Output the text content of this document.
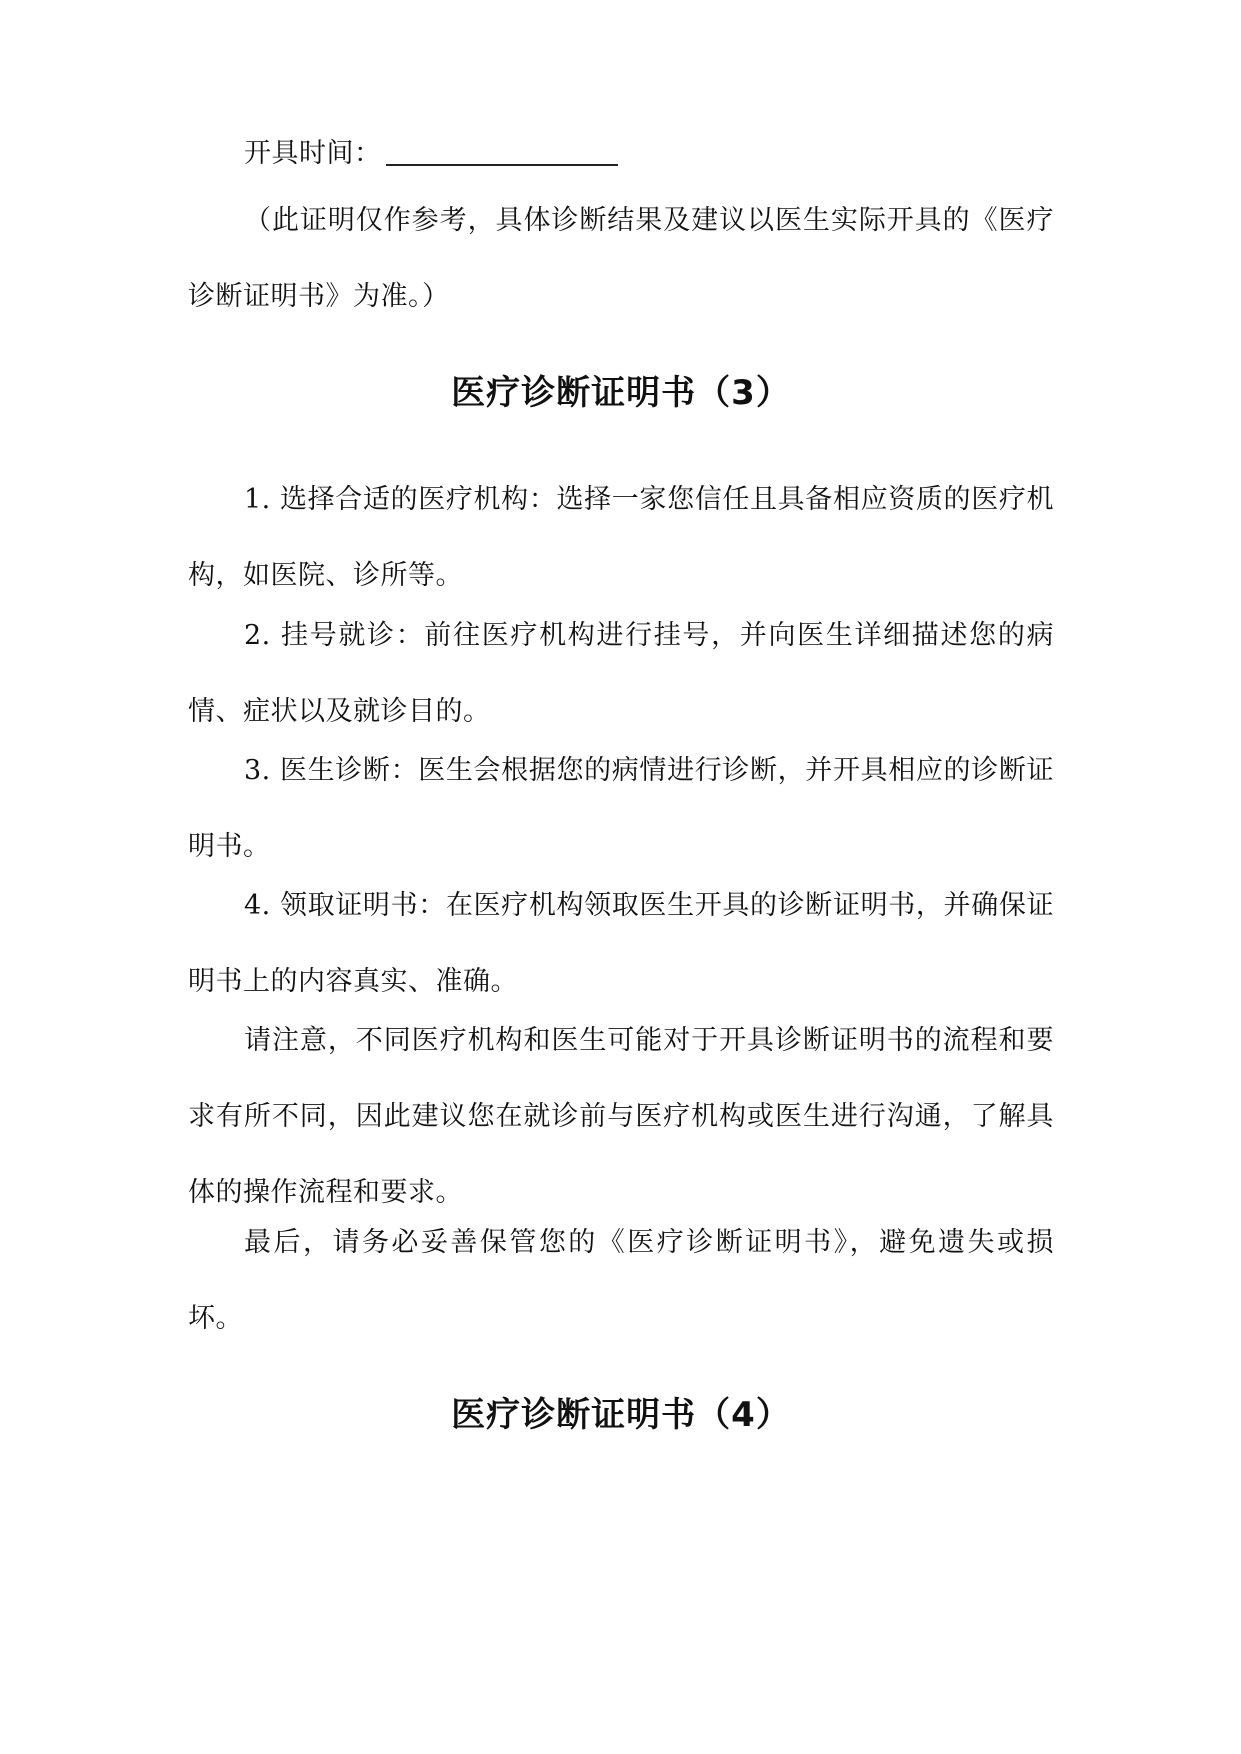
开具时间：

（此证明仅作参考，具体诊断结果及建议以医生实际开具的《医疗诊断证明书》为准。）

医疗诊断证明书（3）

1. 选择合适的医疗机构：选择一家您信任且具备相应资质的医疗机构，如医院、诊所等。

2. 挂号就诊：前往医疗机构进行挂号，并向医生详细描述您的病情、症状以及就诊目的。

3. 医生诊断：医生会根据您的病情进行诊断，并开具相应的诊断证明书。

4. 领取证明书：在医疗机构领取医生开具的诊断证明书，并确保证明书上的内容真实、准确。

请注意，不同医疗机构和医生可能对于开具诊断证明书的流程和要求有所不同，因此建议您在就诊前与医疗机构或医生进行沟通，了解具体的操作流程和要求。

最后，请务必妥善保管您的《医疗诊断证明书》，避免遗失或损坏。

医疗诊断证明书（4）
